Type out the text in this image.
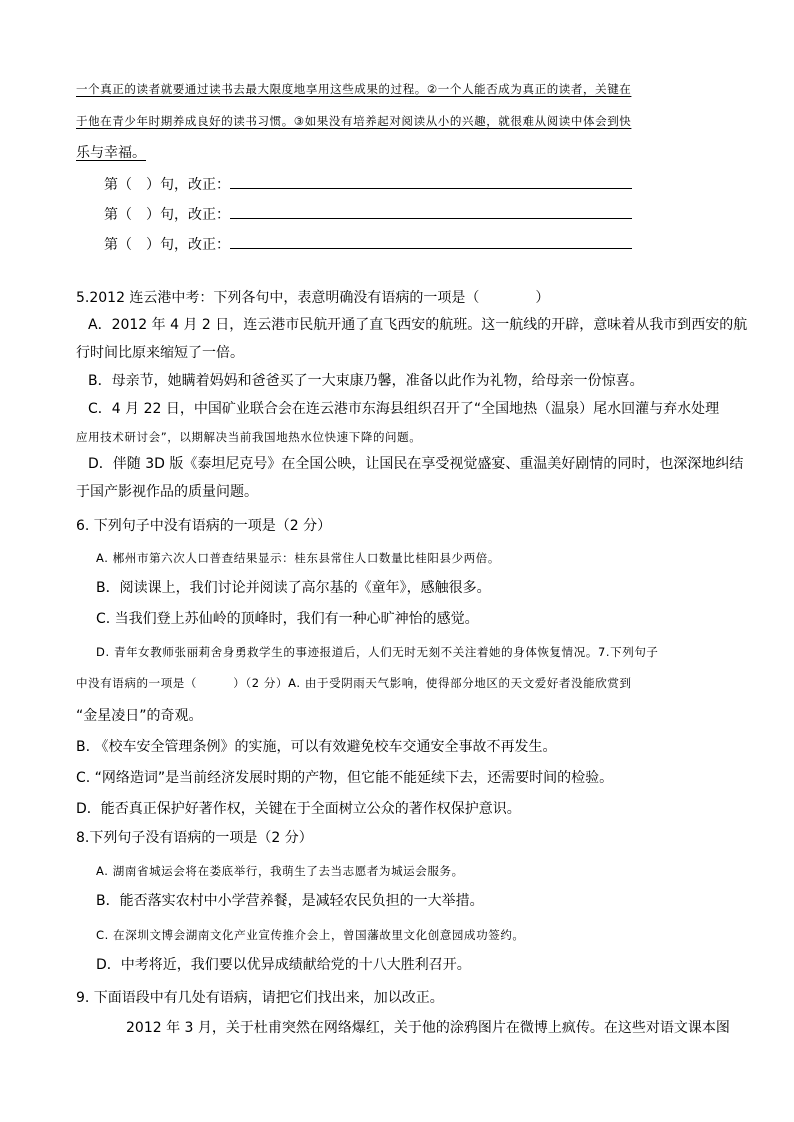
一个真正的读者就要通过读书去最大限度地享用这些成果的过程。②一个人能否成为真正的读者，关键在
于他在青少年时期养成良好的读书习惯。③如果没有培养起对阅读从小的兴趣，就很难从阅读中体会到快
乐与幸福。
第（　）句，改正：
第（　）句，改正：
第（　）句，改正：
5.2012 连云港中考：下列各句中，表意明确没有语病的一项是（　　　　）
A．2012 年 4 月 2 日，连云港市民航开通了直飞西安的航班。这一航线的开辟，意味着从我市到西安的航
行时间比原来缩短了一倍。
B．母亲节，她瞒着妈妈和爸爸买了一大束康乃馨，准备以此作为礼物，给母亲一份惊喜。
C．4 月 22 日，中国矿业联合会在连云港市东海县组织召开了“全国地热（温泉）尾水回灌与弃水处理
应用技术研讨会”，以期解决当前我国地热水位快速下降的问题。
D．伴随 3D 版《泰坦尼克号》在全国公映，让国民在享受视觉盛宴、重温美好剧情的同时，也深深地纠结
于国产影视作品的质量问题。
6. 下列句子中没有语病的一项是（2 分）
A. 郴州市第六次人口普查结果显示：桂东县常住人口数量比桂阳县少两倍。
B．阅读课上，我们讨论并阅读了高尔基的《童年》，感触很多。
C. 当我们登上苏仙岭的顶峰时，我们有一种心旷神怡的感觉。
D. 青年女教师张丽莉舍身勇救学生的事迹报道后，人们无时无刻不关注着她的身体恢复情况。7.下列句子
中没有语病的一项是（　　　）（2 分）A. 由于受阴雨天气影响，使得部分地区的天文爱好者没能欣赏到
“金星凌日”的奇观。
B. 《校车安全管理条例》的实施，可以有效避免校车交通安全事故不再发生。
C. “网络造词”是当前经济发展时期的产物，但它能不能延续下去，还需要时间的检验。
D．能否真正保护好著作权，关键在于全面树立公众的著作权保护意识。
8.下列句子没有语病的一项是（2 分）
A. 湖南省城运会将在娄底举行，我萌生了去当志愿者为城运会服务。
B．能否落实农村中小学营养餐，是减轻农民负担的一大举措。
C. 在深圳文博会湖南文化产业宣传推介会上，曾国藩故里文化创意园成功签约。
D．中考将近，我们要以优异成绩献给党的十八大胜利召开。
9. 下面语段中有几处有语病，请把它们找出来，加以改正。
2012 年 3 月，关于杜甫突然在网络爆红，关于他的涂鸦图片在微博上疯传。在这些对语文课本图
